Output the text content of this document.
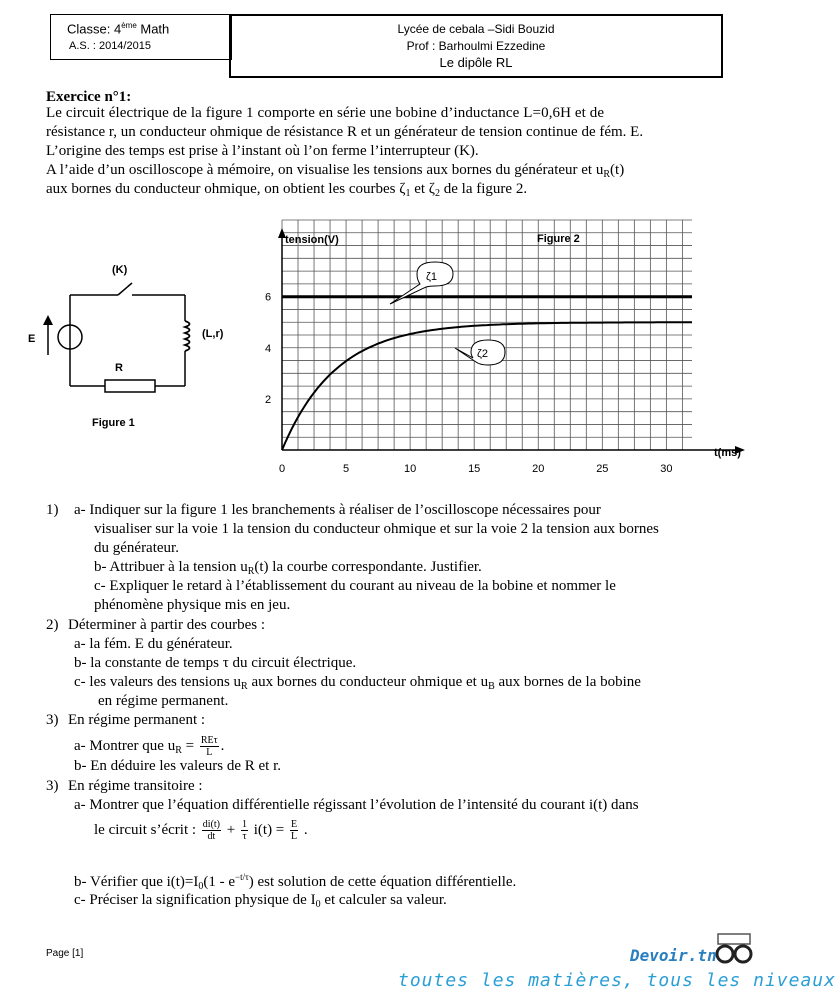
Classe: 4ème Math
A.S. : 2014/2015
Lycée de cebala –Sidi Bouzid
Prof : Barhoulmi Ezzedine
Le dipôle RL
Exercice n°1:
Le circuit électrique de la figure 1 comporte en série une bobine d’inductance L=0,6H et de
résistance r, un conducteur ohmique de résistance R et un générateur de tension continue de fém. E.
L’origine des temps est prise à l’instant où l’on ferme l’interrupteur (K).
A l’aide d’un oscilloscope à mémoire, on visualise les tensions aux bornes du générateur et $u_R(t)$
aux bornes du conducteur ohmique, on obtient les courbes $\zeta_1$ et $\zeta_2$ de la figure 2.
(K)
(L,r)
R
E
Figure 1
0	5	10	15	20	25	30
2
4
6
ζ1
ζ2
tension(V)	Figure 2
t(ms)
1) a- Indiquer sur la figure 1 les branchements à réaliser de l’oscilloscope nécessaires pour
visualiser sur la voie 1 la tension du conducteur ohmique et sur la voie 2 la tension aux bornes
du générateur.
b- Attribuer à la tension $u_R(t)$ la courbe correspondante. Justifier.
c- Expliquer le retard à l’établissement du courant au niveau de la bobine et nommer le
phénomène physique mis en jeu.
2) Déterminer à partir des courbes :
a- la fém. E du générateur.
b- la constante de temps τ du circuit électrique.
c- les valeurs des tensions $u_R$ aux bornes du conducteur ohmique et $u_B$ aux bornes de la bobine
en régime permanent.
3) En régime permanent :
a- Montrer que $u_R = \frac{\text{REτ}}{L}$ .
b- En déduire les valeurs de R et r.
3) En régime transitoire :
a- Montrer que l’équation différentielle régissant l’évolution de l’intensité du courant i(t) dans
le circuit s’écrit : $\frac{di(t)}{dt} + \frac{1}{\tau} i(t) = \frac{E}{L}$ .
b- Vérifier que $i(t)=I_0(1 - e^{-t/\tau})$ est solution de cette équation différentielle.
c- Préciser la signification physique de $I_0$ et calculer sa valeur.
Page [1]	Devoir.tn
toutes les matières, tous les niveaux
